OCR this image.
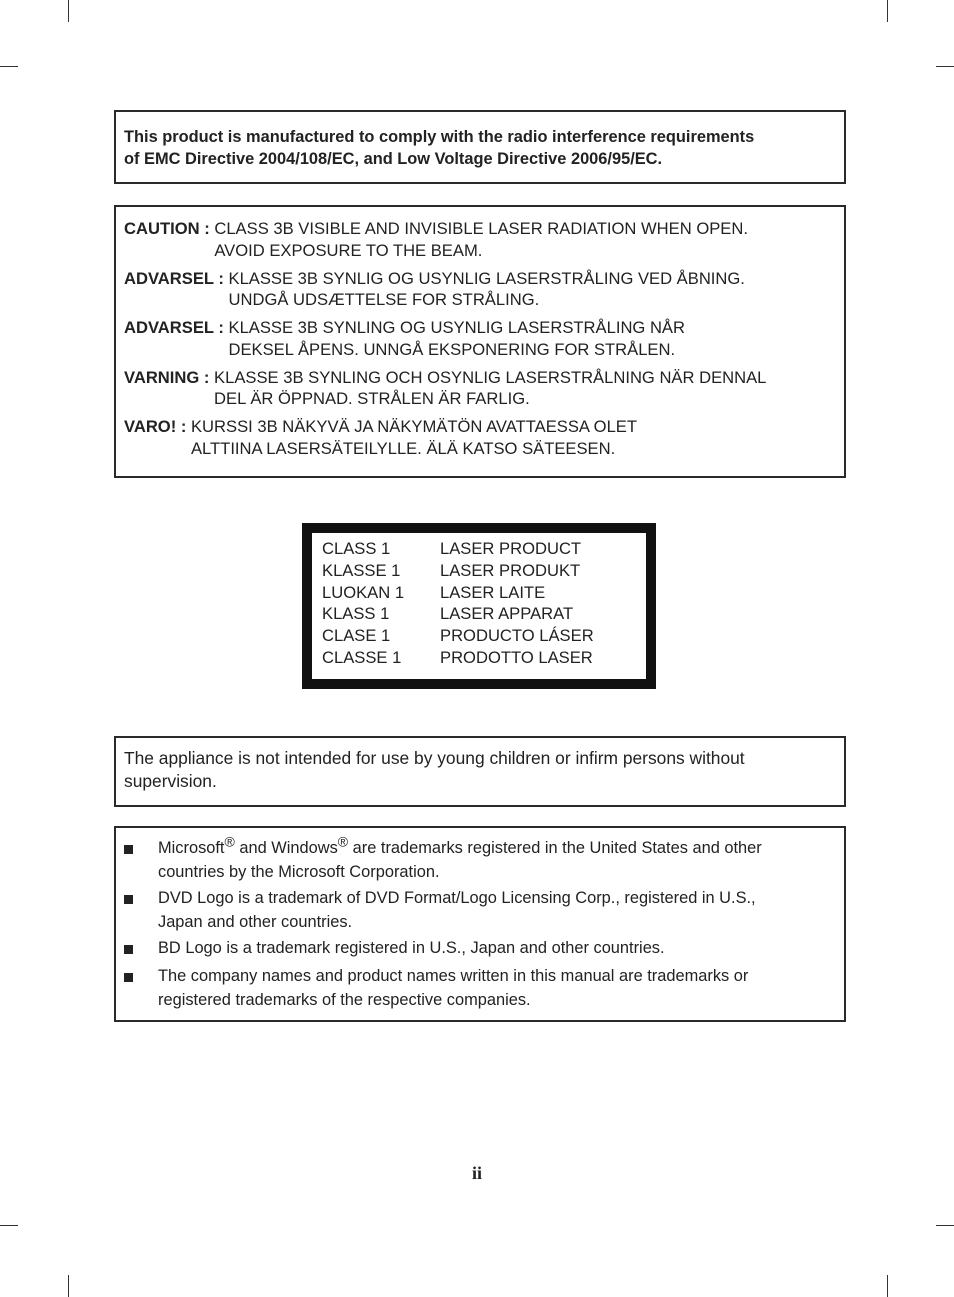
This product is manufactured to comply with the radio interference requirements

of EMC Directive 2004/108/EC, and Low Voltage Directive 2006/95/EC.

CAUTION : CLASS 3B VISIBLE AND INVISIBLE LASER RADIATION WHEN OPEN.
AVOID EXPOSURE TO THE BEAM.
ADVARSEL : KLASSE 3B SYNLIG OG USYNLIG LASERSTRÅLING VED ÅBNING.
UNDGÅ UDSÆTTELSE FOR STRÅLING.
ADVARSEL : KLASSE 3B SYNLING OG USYNLIG LASERSTRÅLING NÅR
DEKSEL ÅPENS. UNNGÅ EKSPONERING FOR STRÅLEN.
VARNING : KLASSE 3B SYNLING OCH OSYNLIG LASERSTRÅLNING NÄR DENNAL
DEL ÄR ÖPPNAD. STRÅLEN ÄR FARLIG.
VARO! : KURSSI 3B NÄKYVÄ JA NÄKYMÄTÖN AVATTAESSA OLET
ALTTIINA LASERSÄTEILYLLE. ÄLÄ KATSO SÄTEESEN.
CLASS 1	LASER PRODUCT
KLASSE 1	LASER PRODUKT
LUOKAN 1	LASER LAITE
KLASS 1	LASER APPARAT
CLASE 1	PRODUCTO LÁSER
CLASSE 1	PRODOTTO LASER

The appliance is not intended for use by young children or infirm persons without

supervision.

Microsoft® and Windows® are trademarks registered in the United States and other
countries by the Microsoft Corporation.
DVD Logo is a trademark of DVD Format/Logo Licensing Corp., registered in U.S.,
Japan and other countries.
BD Logo is a trademark registered in U.S., Japan and other countries.
The company names and product names written in this manual are trademarks or
registered trademarks of the respective companies.
ii
